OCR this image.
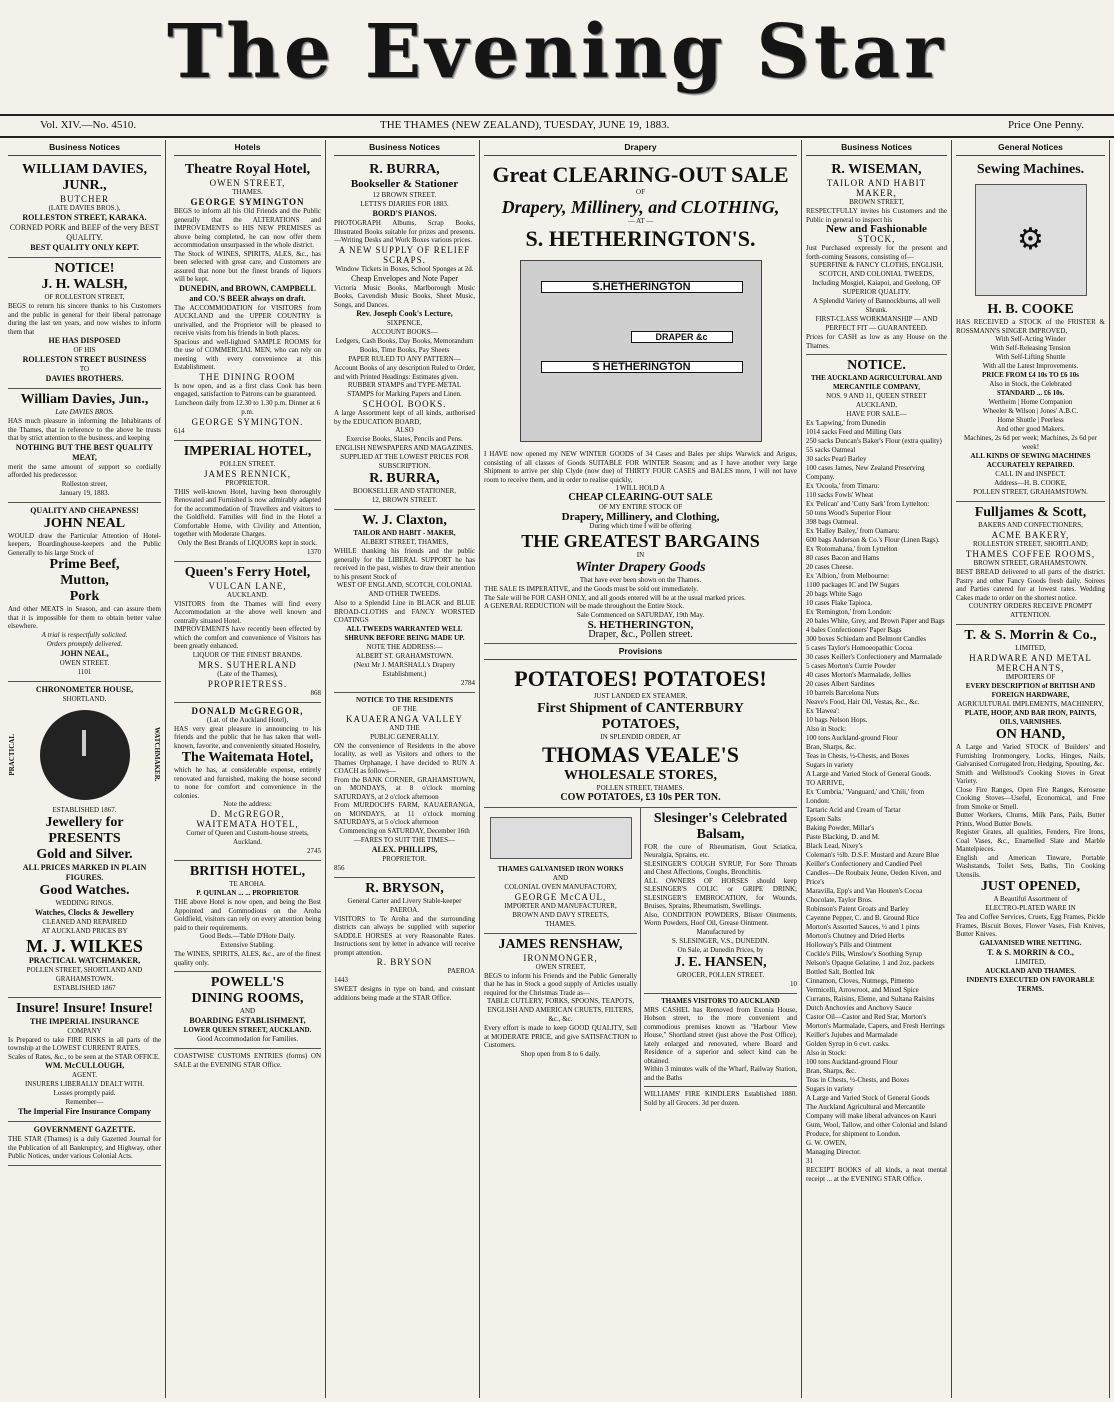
The Evening Star
Vol. XIV.—No. 4510.	THE THAMES (NEW ZEALAND), TUESDAY, JUNE 19, 1883.	Price One Penny.
Business Notices
WILLIAM DAVIES, JUNR.,
BUTCHER
(LATE DAVIES BROS.),
ROLLESTON STREET, KARAKA.
CORNED PORK and BEEF of the very BEST QUALITY.
BEST QUALITY ONLY KEPT.
NOTICE!
J. H. WALSH,
OF ROLLESTON STREET,
BEGS to return his sincere thanks to his Customers and the public in general for their liberal patronage during the last ten years, and now wishes to inform them that
HE HAS DISPOSED
OF HIS
ROLLESTON STREET BUSINESS
TO
DAVIES BROTHERS.
William Davies, Jun.,
Late DAVIES BROS.
HAS much pleasure in informing the Inhabitants of the Thames, that in reference to the above he trusts that by strict attention to the business, and keeping
NOTHING BUT THE BEST QUALITY MEAT,
merit the same amount of support so cordially afforded his predecessor.
Rolleston street,
January 19, 1883.
QUALITY AND CHEAPNESS!
JOHN NEAL
WOULD draw the Particular Attention of Hotel-keepers, Boardinghouse-keepers and the Public Generally to his large Stock of
Prime Beef,
Mutton,
Pork
And other MEATS in Season, and can assure them that it is impossible for them to obtain better value elsewhere.
A trial is respectfully solicited.
Orders promptly delivered.
JOHN NEAL,
OWEN STREET.
1101
CHRONOMETER HOUSE,
SHORTLAND.
PRACTICAL	WATCHMAKER.
ESTABLISHED 1867.
Jewellery for
PRESENTS
Gold and Silver.
ALL PRICES MARKED IN PLAIN FIGURES.
Good Watches.
WEDDING RINGS.
Watches, Clocks & Jewellery
CLEANED AND REPAIRED
AT AUCKLAND PRICES BY
M. J. WILKES
PRACTICAL WATCHMAKER,
POLLEN STREET, SHORTLAND AND GRAHAMSTOWN.
ESTABLISHED 1867
Insure! Insure! Insure!
THE IMPERIAL INSURANCE
COMPANY
Is Prepared to take FIRE RISKS in all parts of the township at the LOWEST CURRENT RATES.
Scales of Rates, &c., to be seen at the STAR OFFICE.
WM. McCULLOUGH,
AGENT.
INSURERS LIBERALLY DEALT WITH.
Losses promptly paid.
Remember—
The Imperial Fire Insurance Company
GOVERNMENT GAZETTE.
THE STAR (Thames) is a duly Gazetted Journal for the Publication of all Bankruptcy, and Highway, other Public Notices, under various Colonial Acts.
Hotels
Theatre Royal Hotel,
OWEN STREET,
THAMES.
GEORGE SYMINGTON
BEGS to inform all his Old Friends and the Public generally that the ALTERATIONS and IMPROVEMENTS to HIS NEW PREMISES as above being completed, he can now offer them accommodation unsurpassed in the whole district.
The Stock of WINES, SPIRITS, ALES, &c., has been selected with great care, and Customers are assured that none but the finest brands of liquors will be kept.
DUNEDIN, and BROWN, CAMPBELL and CO.'S BEER always on draft.
The ACCOMMODATION for VISITORS from AUCKLAND and the UPPER COUNTRY is unrivalled, and the Proprietor will be pleased to receive visits from his friends in both places.
Spacious and well-lighted SAMPLE ROOMS for the use of COMMERCIAL MEN, who can rely on meeting with every convenience at this Establishment.
THE DINING ROOM
Is now open, and as a first class Cook has been engaged, satisfaction to Patrons can be guaranteed.
Luncheon daily from 12.30 to 1.30 p.m. Dinner at 6 p.m.
GEORGE SYMINGTON.
614
IMPERIAL HOTEL,
POLLEN STREET.
JAMES RENNICK,
PROPRIETOR.
THIS well-known Hotel, having been thoroughly Renovated and Furnished is now admirably adapted for the accommodation of Travellers and visitors to the Goldfield. Families will find in the Hotel a Comfortable Home, with Civility and Attention, together with Moderate Charges.
Only the Best Brands of LIQUORS kept in stock.
1370
Queen's Ferry Hotel,
VULCAN LANE,
AUCKLAND.
VISITORS from the Thames will find every Accommodation at the above well known and centrally situated Hotel.
IMPROVEMENTS have recently been effected by which the comfort and convenience of Visitors has been greatly enhanced.
LIQUOR OF THE FINEST BRANDS.
MRS. SUTHERLAND
(Late of the Thames),
PROPRIETRESS.
868
DONALD McGREGOR,
(Lat. of the Auckland Hotel),
HAS very great pleasure in announcing to his friends and the public that he has taken that well-known, favorite, and conveniently situated Hostelry,
The Waitemata Hotel,
which he has, at considerable expense, entirely renovated and furnished, making the house second to none for comfort and convenience in the colonies.
Note the address:
D. McGREGOR,
WAITEMATA HOTEL,
Corner of Queen and Custom-house streets, Auckland.
2745
BRITISH HOTEL,
TE AROHA.
P. QUINLAN ... ... PROPRIETOR
THE above Hotel is now open, and being the Best Appointed and Commodious on the Aroha Goldfield, visitors can rely on every attention being paid to their requirements.
Good Beds.—Table D'Hote Daily.
Extensive Stabling.
The WINES, SPIRITS, ALES, &c., are of the finest quality only.
POWELL'S
DINING ROOMS,
AND
BOARDING ESTABLISHMENT,
LOWER QUEEN STREET, AUCKLAND.
Good Accommodation for Families.
COASTWISE CUSTOMS ENTRIES (forms) ON SALE at the EVENING STAR Office.
Business Notices
R. BURRA,
Bookseller & Stationer
12 BROWN STREET.
LETTS'S DIARIES FOR 1883.
BORD'S PIANOS.
PHOTOGRAPH Albums, Scrap Books, Illustrated Books suitable for prizes and presents.—Writing Desks and Work Boxes various prices.
A NEW SUPPLY OF RELIEF SCRAPS.
Window Tickets in Boxes, School Sponges at 2d.
Cheap Envelopes and Note Paper
Victoria Music Books, Marlborough Music Books, Cavendish Music Books, Sheet Music, Songs, and Dances.
Rev. Joseph Cook's Lecture,
SIXPENCE,
ACCOUNT BOOKS—
Ledgers, Cash Books, Day Books, Memorandum Books, Time Books, Pay Sheets
PAPER RULED TO ANY PATTERN—
Account Books of any description Ruled to Order, and with Printed Headings: Estimates given.
RUBBER STAMPS and TYPE-METAL STAMPS for Marking Papers and Linen.
SCHOOL BOOKS.
A large Assortment kept of all kinds, authorised by the EDUCATION BOARD,
ALSO
Exercise Books, Slates, Pencils and Pens.
ENGLISH NEWSPAPERS AND MAGAZINES.
SUPPLIED AT THE LOWEST PRICES FOR SUBSCRIPTION.
R. BURRA,
BOOKSELLER AND STATIONER,
12, BROWN STREET.
W. J. Claxton,
TAILOR AND HABIT - MAKER,
ALBERT STREET, THAMES,
WHILE thanking his friends and the public generally for the LIBERAL SUPPORT he has received in the past, wishes to draw their attention to his present Stock of
WEST OF ENGLAND, SCOTCH, COLONIAL AND OTHER TWEEDS.
Also to a Splendid Line in BLACK and BLUE BROAD-CLOTHS and FANCY WORSTED COATINGS
ALL TWEEDS WARRANTED WELL SHRUNK BEFORE BEING MADE UP.
NOTE THE ADDRESS:—
ALBERT ST. GRAHAMSTOWN.
(Next Mr J. MARSHALL's Drapery Establishment.)
2784
NOTICE TO THE RESIDENTS
OF THE
KAUAERANGA VALLEY
AND THE
PUBLIC GENERALLY.
ON the convenience of Residents in the above locality, as well as Visitors and others to the Thames Orphanage, I have decided to RUN A COACH as follows—
From the BANK CORNER, GRAHAMSTOWN, on MONDAYS, at 8 o'clock morning SATURDAYS, at 2 o'clock afternoon
From MURDOCH'S FARM, KAUAERANGA, on MONDAYS, at 11 o'clock morning SATURDAYS, at 5 o'clock afternoon
Commencing on SATURDAY, December 16th
—FARES TO SUIT THE TIMES—
ALEX. PHILLIPS,
PROPRIETOR.
856
R. BRYSON,
General Carter and Livery Stable-keeper PAEROA.
VISITORS to Te Aroha and the surrounding districts can always be supplied with superior SADDLE HORSES at very Reasonable Rates. Instructions sent by letter in advance will receive prompt attention.
R. BRYSON
PAEROA
1443
SWEET designs in type on band, and constant additions being made at the STAR Office.
Drapery
Great CLEARING-OUT SALE
OF
Drapery, Millinery, and CLOTHING,
— AT —
S. HETHERINGTON'S.
S.HETHERINGTON
DRAPER &c
S HETHERINGTON
I HAVE now opened my NEW WINTER GOODS of 34 Cases and Bales per ships Warwick and Arigus, consisting of all classes of Goods SUITABLE FOR WINTER Season; and as I have another very large Shipment to arrive per ship Clyde (now due) of THIRTY FOUR CASES and BALES more, I will not have room to receive them, and in order to realise quickly,
I WILL HOLD A
CHEAP CLEARING-OUT SALE
OF MY ENTIRE STOCK OF
Drapery, Millinery, and Clothing,
During which time I will be offering
THE GREATEST BARGAINS
IN
Winter Drapery Goods
That have ever been shown on the Thames.
THE SALE IS IMPERATIVE, and the Goods must be sold out immediately.
The Sale will be FOR CASH ONLY, and all goods entered will be at the usual marked prices.
A GENERAL REDUCTION will be made throughout the Entire Stock.
Sale Commenced on SATURDAY, 19th May.
S. HETHERINGTON,
Draper, &c., Pollen street.
Provisions
POTATOES! POTATOES!
JUST LANDED EX STEAMER,
First Shipment of CANTERBURY
POTATOES,
IN SPLENDID ORDER, AT
THOMAS VEALE'S
WHOLESALE STORES,
POLLEN STREET, THAMES.
COW POTATOES, £3 10s PER TON.
THAMES GALVANISED IRON WORKS
AND
COLONIAL OVEN MANUFACTORY,
GEORGE McCAUL,
IMPORTER AND MANUFACTURER,
BROWN AND DAVY STREETS,
THAMES.
JAMES RENSHAW,
IRONMONGER,
OWEN STREET,
BEGS to inform his Friends and the Public Generally that he has in Stock a good supply of Articles usually required for the Christmas Trade as—
TABLE CUTLERY, FORKS, SPOONS, TEAPOTS, ENGLISH AND AMERICAN CRUETS, FILTERS, &c., &c.
Every effort is made to keep GOOD QUALITY, Sell at MODERATE PRICE, and give SATISFACTION to Customers.
Shop open from 8 to 6 daily.
Slesinger's Celebrated Balsam,
FOR the cure of Rheumatism, Gout Sciatica, Neuralgia, Sprains, etc.
SLESINGER'S COUGH SYRUP, For Sore Throats and Chest Affections, Coughs, Bronchitis.
ALL OWNERS OF HORSES should keep SLESINGER'S COLIC or GRIPE DRINK; SLESINGER'S EMBROCATION, for Wounds, Bruises, Sprains, Rheumatism, Swellings.
Also, CONDITION POWDERS, Blister Ointments, Worm Powders, Hoof Oil, Grease Ointment.
Manufactured by
S. SLESINGER, V.S., DUNEDIN.
On Sale, at Dunedin Prices, by
J. E. HANSEN,
GROCER, POLLEN STREET.
10
THAMES VISITORS TO AUCKLAND
MRS CASHEL has Removed from Exonia House, Hobson street, to the more convenient and commodious premises known as "Harbour View House," Shortland street (just above the Post Office), lately enlarged and renovated, where Board and Residence of a superior and select kind can be obtained.
Within 3 minutes walk of the Wharf, Railway Station, and the Baths
WILLIAMS' FIRE KINDLERS Established 1880. Sold by all Grocers. 3d per dozen.
Business Notices
R. WISEMAN,
TAILOR AND HABIT MAKER,
BROWN STREET,
RESPECTFULLY invites his Customers and the Public in general to inspect his
New and Fashionable
STOCK,
Just Purchased expressly for the present and forth-coming Seasons, consisting of—
SUPERFINE & FANCY CLOTHS, ENGLISH, SCOTCH, AND COLONIAL TWEEDS,
Including Mosgiel, Kaiapoi, and Geelong, OF SUPERIOR QUALITY.
A Splendid Variety of Bannockburns, all well Shrunk.
FIRST-CLASS WORKMANSHIP — AND PERFECT FIT — GUARANTEED.
Prices for CASH as low as any House on the Thames.
NOTICE.
THE AUCKLAND AGRICULTURAL AND MERCANTILE COMPANY,
NOS. 9 AND 11, QUEEN STREET AUCKLAND,
HAVE FOR SALE—
Ex 'Lapwing,' from Dunedin
1014 sacks Feed and Milling Oats
250 sacks Duncan's Baker's Flour (extra quality)
55 sacks Oatmeal
30 sacks Pearl Barley
100 cases James, New Zealand Preserving Company.
Ex 'Ocoola,' from Timaru:
110 sacks Fowls' Wheat
Ex 'Pelican' and 'Cutty Sark' from Lyttelton:
50 tons Wood's Superior Flour
398 bags Oatmeal.
Ex 'Halley Bailey,' from Oamaru:
600 bags Anderson & Co.'s Flour (Linen Bags).
Ex 'Rotomahana,' from Lyttelton
80 cases Bacon and Hams
20 cases Cheese.
Ex 'Albion,' from Melbourne:
1100 packages IC and IW Sugars
20 bags White Sago
10 cases Flake Tapioca.
Ex 'Remington,' from London:
20 bales White, Grey, and Brown Paper and Bags
4 bales Confectioners' Paper Bags
300 boxes Schiedam and Belmont Candles
5 cases Taylor's Homoeopathic Cocoa
30 cases Keiller's Confectionery and Marmalade
5 cases Morton's Currie Powder
40 cases Morton's Marmalade, Jellies
20 cases Albert Sardines
10 barrels Barcelona Nuts
Neave's Food, Hair Oil, Vestas, &c., &c.
Ex 'Hawea':
10 bags Nelson Hops.
Also in Stock:
100 tons Auckland-ground Flour
Bran, Sharps, &c.
Teas in Chests, ½-Chests, and Boxes
Sugars in variety
A Large and Varied Stock of General Goods.
TO ARRIVE,
Ex 'Cumbria,' 'Vanguard,' and 'Chili,' from London:
Tartaric Acid and Cream of Tartar
Epsom Salts
Baking Powder, Millar's
Paste Blacking, D. and M.
Black Lead, Nixey's
Coleman's ½lb. D.S.F. Mustard and Azure Blue
Keiller's Confectionery and Candied Peel
Candles—De Roubaix Jeune, Oeden Kiven, and Price's
Maravilla, Epp's and Van Houten's Cocoa
Chocolate, Taylor Bros.
Robinson's Patent Groats and Barley
Cayenne Pepper, C. and B. Ground Rice
Morton's Assorted Sauces, ½ and 1 pints
Morton's Chutney and Dried Herbs
Holloway's Pills and Ointment
Cockle's Pills, Winslow's Soothing Syrup
Nelson's Opaque Gelatine, 1 and 2oz. packets
Bottled Salt, Bottled Ink
Cinnamon, Cloves, Nutmegs, Pimento
Vermicelli, Arrowroot, and Mixed Spice
Currants, Raisins, Eleme, and Sultana Raisins
Dutch Anchovies and Anchovy Sauce
Castor Oil—Castor and Red Star, Morton's
Morton's Marmalade, Capers, and Fresh Herrings
Keiller's Jujubes and Marmalade
Golden Syrup in 6 cwt. casks.
Also in Stock:
100 tons Auckland-ground Flour
Bran, Sharps, &c.
Teas in Chests, ½-Chests, and Boxes
Sugars in variety
A Large and Varied Stock of General Goods
The Auckland Agricultural and Mercantile Company will make liberal advances on Kauri Gum, Wool, Tallow, and other Colonial and Island Produce, for shipment to London.
G. W. OWEN,
Managing Director.
31
RECEIPT BOOKS of all kinds, a neat mental receipt ... at the EVENING STAR Office.
General Notices
Sewing Machines.
⚙
H. B. COOKE
HAS RECEIVED a STOCK of the FRISTER & ROSSMANN'S SINGER IMPROVED,
With Self-Acting Winder
With Self-Releasing Tension
With Self-Lifting Shuttle
With all the Latest Improvements.
PRICE FROM £4 10s TO £6 10s
Also in Stock, the Celebrated
STANDARD ... £6 10s.
Wertheim | Home Companion
Wheeler & Wilson | Jones' A.B.C.
Home Shuttle | Peerless
And other good Makers.
Machines, 2s 6d per week; Machines, 2s 6d per week!
ALL KINDS OF SEWING MACHINES ACCURATELY REPAIRED.
CALL IN and INSPECT.
Address—H. B. COOKE,
POLLEN STREET, GRAHAMSTOWN.
Fulljames & Scott,
BAKERS AND CONFECTIONERS,
ACME BAKERY,
ROLLESTON STREET, SHORTLAND;
THAMES COFFEE ROOMS,
BROWN STREET, GRAHAMSTOWN.
BEST BREAD delivered to all parts of the district. Pastry and other Fancy Goods fresh daily. Soirees and Parties catered for at lowest rates. Wedding Cakes made to order on the shortest notice.
COUNTRY ORDERS RECEIVE PROMPT ATTENTION.
T. & S. Morrin & Co.,
LIMITED,
HARDWARE AND METAL MERCHANTS,
IMPORTERS OF
EVERY DESCRIPTION of BRITISH AND FOREIGN HARDWARE,
AGRICULTURAL IMPLEMENTS, MACHINERY,
PLATE, HOOP, AND BAR IRON, PAINTS, OILS, VARNISHES.
ON HAND,
A Large and Varied STOCK of Builders' and Furnishing Ironmongery, Locks, Hinges, Nails, Galvanised Corrugated Iron, Hedging, Spouting, &c.
Smith and Wellstood's Cooking Stoves in Great Variety.
Close Fire Ranges, Open Fire Ranges, Kerosene Cooking Stoves—Useful, Economical, and Free from Smoke or Smell.
Butter Workers, Churns, Milk Pans, Pails, Butter Prints, Wood Butter Bowls.
Register Grates, all qualities, Fenders, Fire Irons, Coal Vases, &c., Enamelled Slate and Marble Mantelpieces.
English and American Tinware, Portable Washstands, Toilet Sets, Baths, Tin Cooking Utensils.
JUST OPENED,
A Beautiful Assortment of
ELECTRO-PLATED WARE IN
Tea and Coffee Services, Cruets, Egg Frames, Pickle Frames, Biscuit Boxes, Flower Vases, Fish Knives, Butter Knives.
GALVANISED WIRE NETTING.
T. & S. MORRIN & CO.,
LIMITED,
AUCKLAND AND THAMES.
INDENTS EXECUTED ON FAVORABLE TERMS.
